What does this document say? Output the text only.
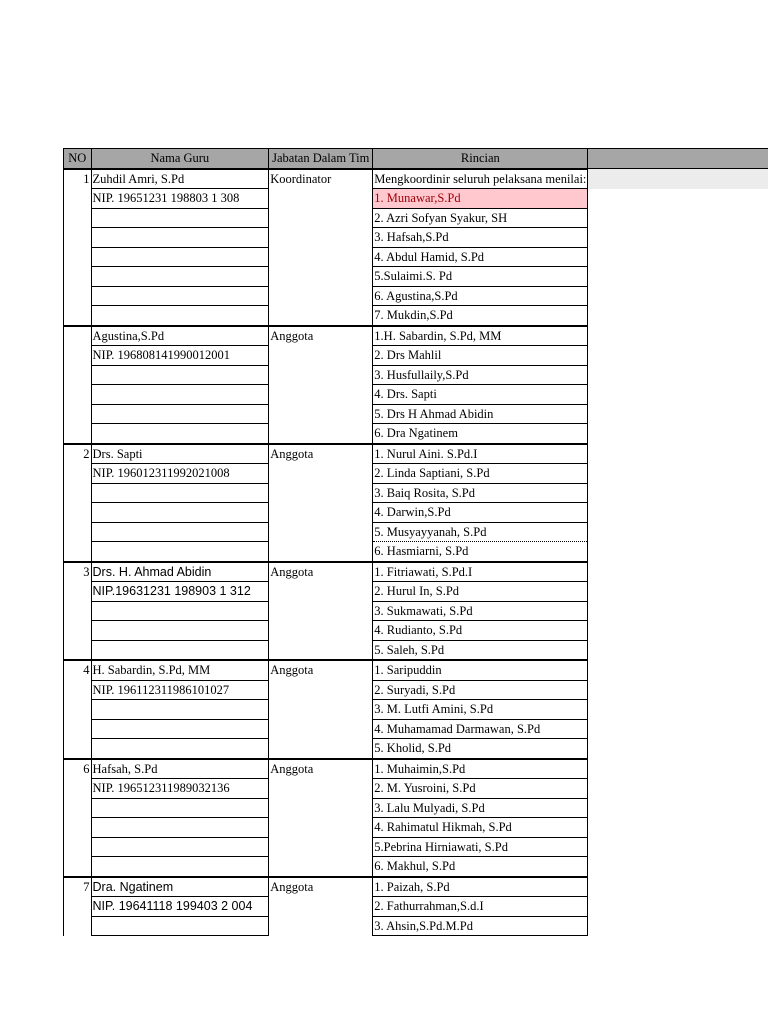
NO	Nama Guru	Jabatan Dalam Tim	Rincian	
1	Zuhdil Amri, S.Pd	Koordinator	Mengkoordinir seluruh pelaksana menilai:	
	NIP. 19651231 198803 1 308		1. Munawar,S.Pd	
			2. Azri Sofyan Syakur, SH	
			3. Hafsah,S.Pd	
			4. Abdul Hamid, S.Pd	
			5.Sulaimi.S. Pd	
			6. Agustina,S.Pd	
			7. Mukdin,S.Pd	
	Agustina,S.Pd	Anggota	1.H. Sabardin, S.Pd, MM	
	NIP. 196808141990012001		2. Drs Mahlil	
			3. Husfullaily,S.Pd	
			4. Drs. Sapti	
			5. Drs H Ahmad Abidin	
			6. Dra Ngatinem	
2	Drs. Sapti	Anggota	1. Nurul Aini. S.Pd.I	
	NIP. 196012311992021008		2. Linda Saptiani, S.Pd	
			3. Baiq Rosita, S.Pd	
			4. Darwin,S.Pd	
			5. Musyayyanah, S.Pd	
			6. Hasmiarni, S.Pd	
3	Drs. H. Ahmad Abidin	Anggota	1. Fitriawati, S.Pd.I	
	NIP.19631231 198903 1 312		2. Hurul In, S.Pd	
			3. Sukmawati, S.Pd	
			4. Rudianto, S.Pd	
			5. Saleh, S.Pd	
4	H. Sabardin, S.Pd, MM	Anggota	1. Saripuddin	
	NIP. 196112311986101027		2. Suryadi, S.Pd	
			3. M. Lutfi Amini, S.Pd	
			4. Muhamamad Darmawan, S.Pd	
			5. Kholid, S.Pd	
6	Hafsah, S.Pd	Anggota	1. Muhaimin,S.Pd	
	NIP. 196512311989032136		2. M. Yusroini, S.Pd	
			3. Lalu Mulyadi, S.Pd	
			4. Rahimatul Hikmah, S.Pd	
			5.Pebrina Hirniawati, S.Pd	
			6. Makhul, S.Pd	
7	Dra. Ngatinem	Anggota	1. Paizah, S.Pd	
	NIP. 19641118 199403 2 004		2. Fathurrahman,S.d.I	
			3. Ahsin,S.Pd.M.Pd	
